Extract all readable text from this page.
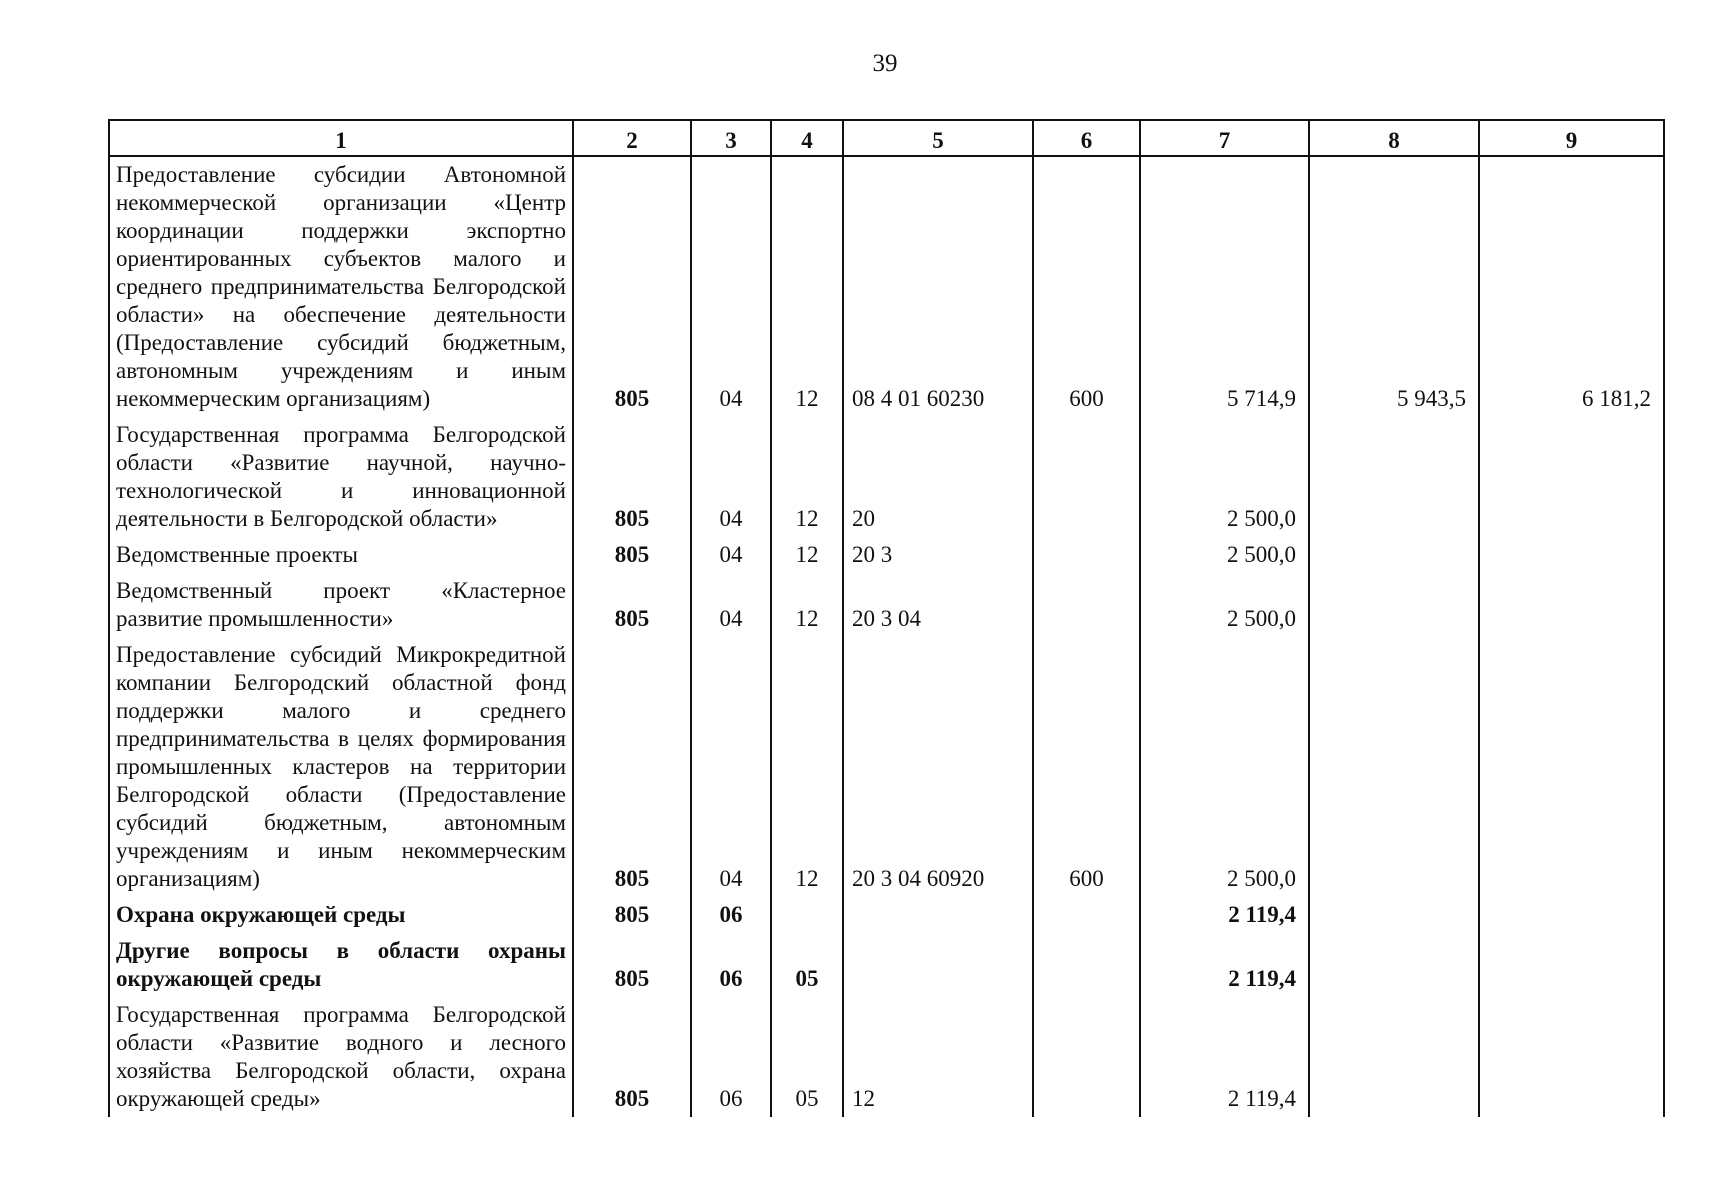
39
1	2	3	4	5	6	7	8	9
Предоставление субсидии Автономной некоммерческой организации «Центр координации поддержки экспортно ориентированных субъектов малого и среднего предпринимательства Белгородской области» на обеспечение деятельности (Предоставление субсидий бюджетным, автономным учреждениям и иным некоммерческим организациям)	805	04	12	08 4 01 60230	600	5 714,9	5 943,5	6 181,2
Государственная программа Белгородской области «Развитие научной, научно-технологической и инновационной деятельности в Белгородской области»	805	04	12	20		2 500,0		
Ведомственные проекты	805	04	12	20 3		2 500,0		
Ведомственный проект «Кластерное развитие промышленности»	805	04	12	20 3 04		2 500,0		
Предоставление субсидий Микрокредитной компании Белгородский областной фонд поддержки малого и среднего предпринимательства в целях формирования промышленных кластеров на территории Белгородской области (Предоставление субсидий бюджетным, автономным учреждениям и иным некоммерческим организациям)	805	04	12	20 3 04 60920	600	2 500,0		
Охрана окружающей среды	805	06				2 119,4		
Другие вопросы в области охраны окружающей среды	805	06	05			2 119,4		
Государственная программа Белгородской области «Развитие водного и лесного хозяйства Белгородской области, охрана окружающей среды»	805	06	05	12		2 119,4		
